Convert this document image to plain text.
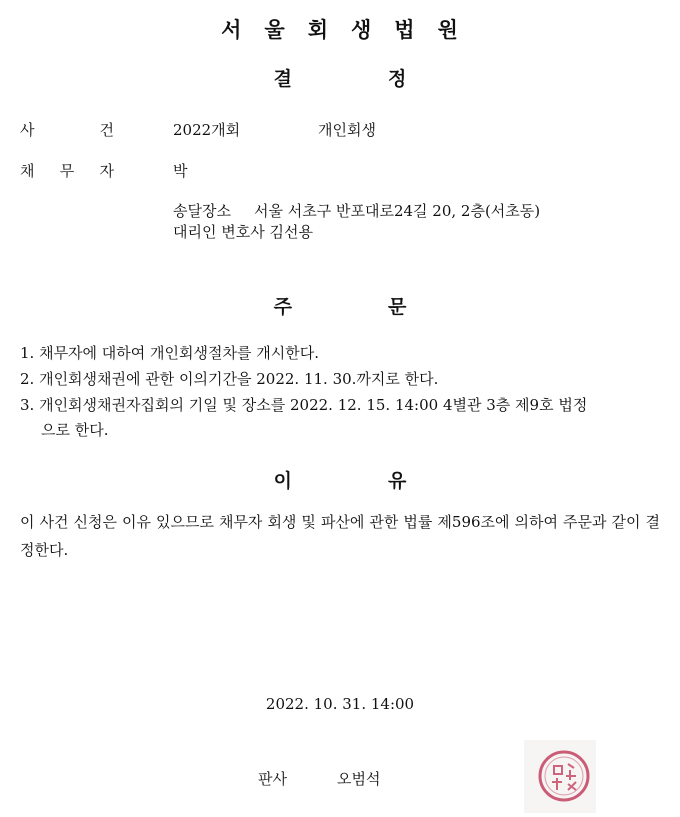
서 울 회 생 법 원
결	정
사	건	2022개회	개인회생
채 무 자	박
송달장소 서울 서초구 반포대로24길 20, 2층(서초동)
대리인 변호사 김선용
주	문
1. 채무자에 대하여 개인회생절차를 개시한다.
2. 개인회생채권에 관한 이의기간을 2022. 11. 30.까지로 한다.
3. 개인회생채권자집회의 기일 및 장소를 2022. 12. 15. 14:00 4별관 3층 제9호 법정
으로 한다.
이	유
이 사건 신청은 이유 있으므로 채무자 회생 및 파산에 관한 법률 제596조에 의하여 주문과 같이 결정한다.
2022. 10. 31. 14:00
판사	오범석
